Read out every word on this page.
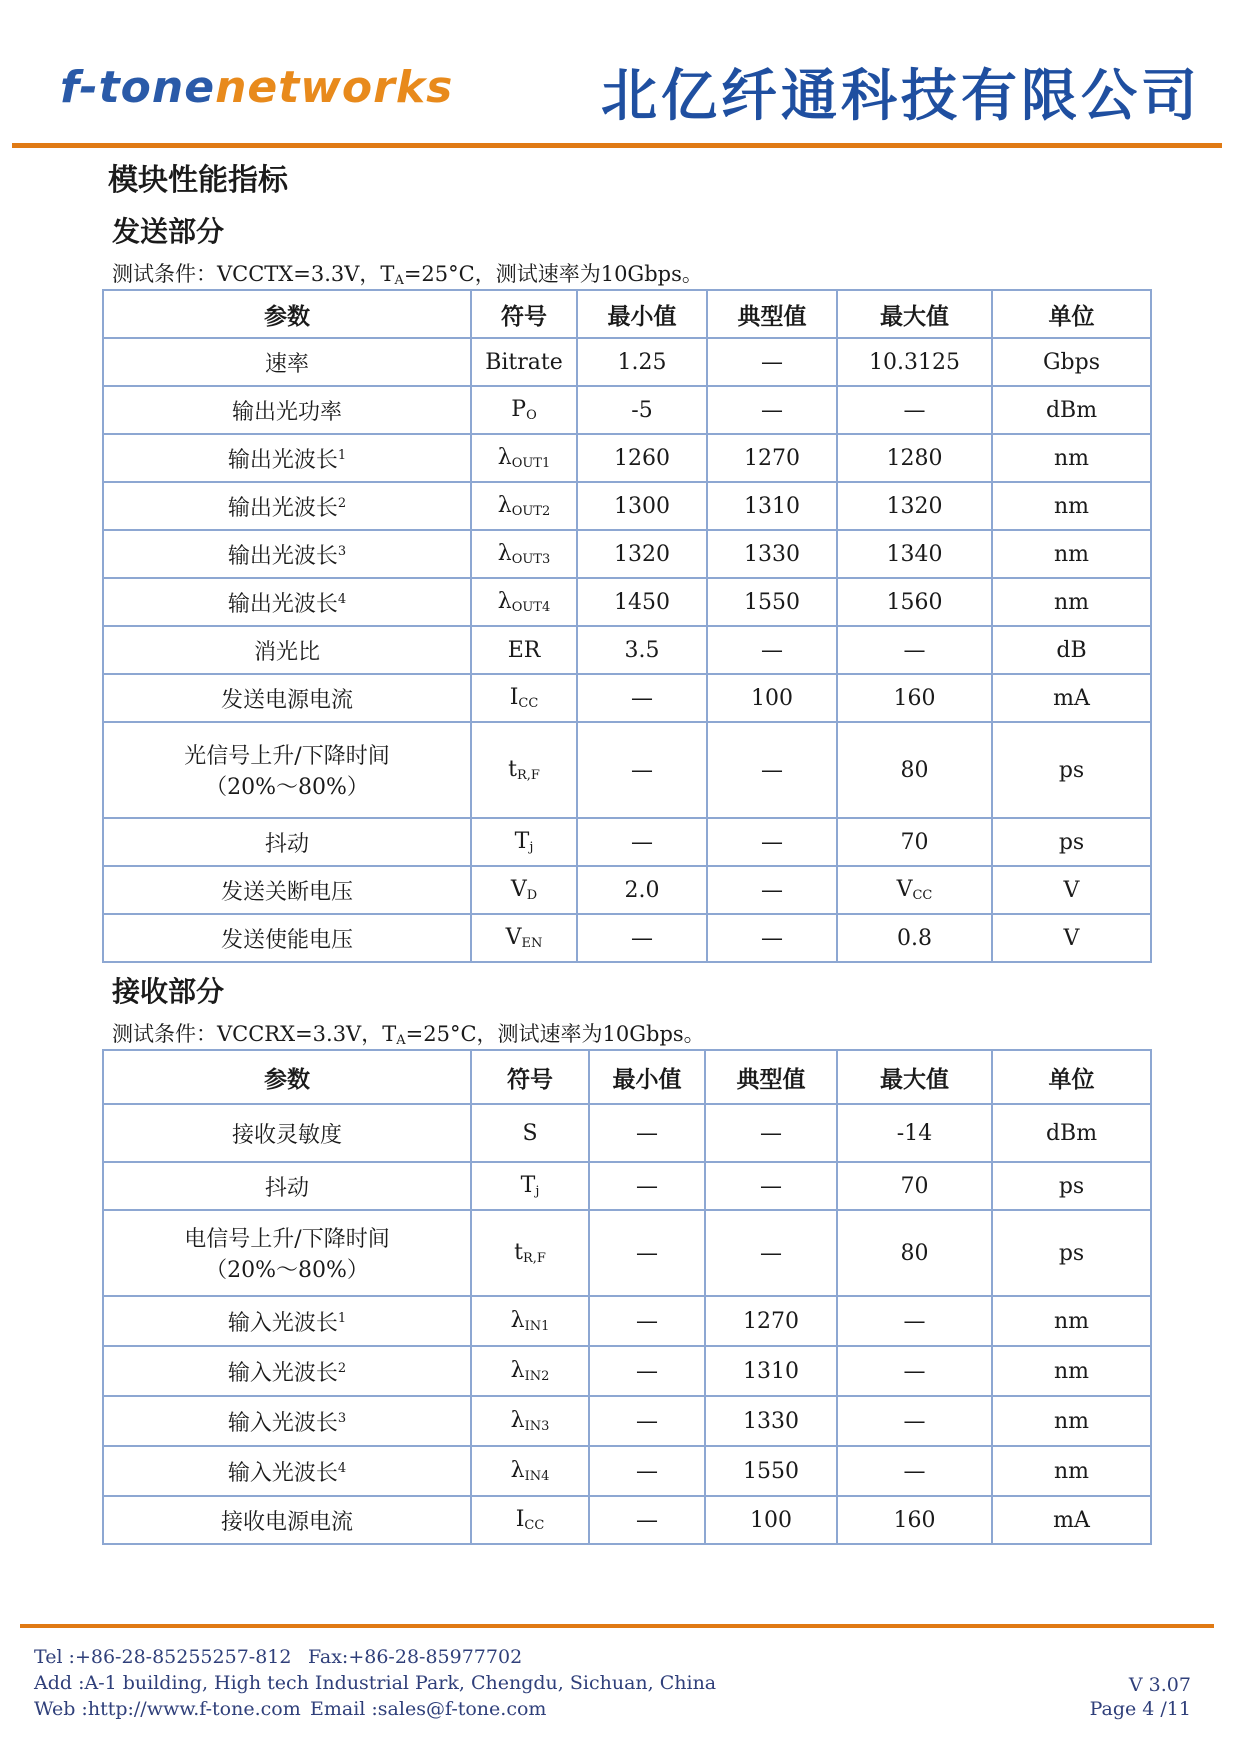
f-tonenetworks	北亿纤通科技有限公司
模块性能指标
发送部分
测试条件：VCCTX=3.3V，$T_A=25^\circ C$，测试速率为10Gbps。
参数	符号	最小值	典型值	最大值	单位
速率	Bitrate	1.25	—	10.3125	Gbps
输出光功率	$P_O$	-5	—	—	dBm
输出光波长$^1$	$\lambda_{OUT1}$	1260	1270	1280	nm
输出光波长$^2$	$\lambda_{OUT2}$	1300	1310	1320	nm
输出光波长$^3$	$\lambda_{OUT3}$	1320	1330	1340	nm
输出光波长$^4$	$\lambda_{OUT4}$	1450	1550	1560	nm
消光比	ER	3.5	—	—	dB
发送电源电流	$I_{CC}$	—	100	160	mA
光信号上升/下降时间
（20%～80%）	$t_{R,F}$	—	—	80	ps
抖动	$T_j$	—	—	70	ps
发送关断电压	$V_D$	2.0	—	$V_{CC}$	V
发送使能电压	$V_{EN}$	—	—	0.8	V
接收部分
测试条件：VCCRX=3.3V，$T_A=25^\circ C$，测试速率为10Gbps。
参数	符号	最小值	典型值	最大值	单位
接收灵敏度	S	—	—	-14	dBm
抖动	$T_j$	—	—	70	ps
电信号上升/下降时间
（20%～80%）	$t_{R,F}$	—	—	80	ps
输入光波长$^1$	$\lambda_{IN1}$	—	1270	—	nm
输入光波长$^2$	$\lambda_{IN2}$	—	1310	—	nm
输入光波长$^3$	$\lambda_{IN3}$	—	1330	—	nm
输入光波长$^4$	$\lambda_{IN4}$	—	1550	—	nm
接收电源电流	$I_{CC}$	—	100	160	mA
Tel :+86-28-85255257-812 Fax:+86-28-85977702
Add :A-1 building, High tech Industrial Park, Chengdu, Sichuan, China
Web :http://www.f-tone.com Email :sales@f-tone.com
V 3.07
Page 4 /11
